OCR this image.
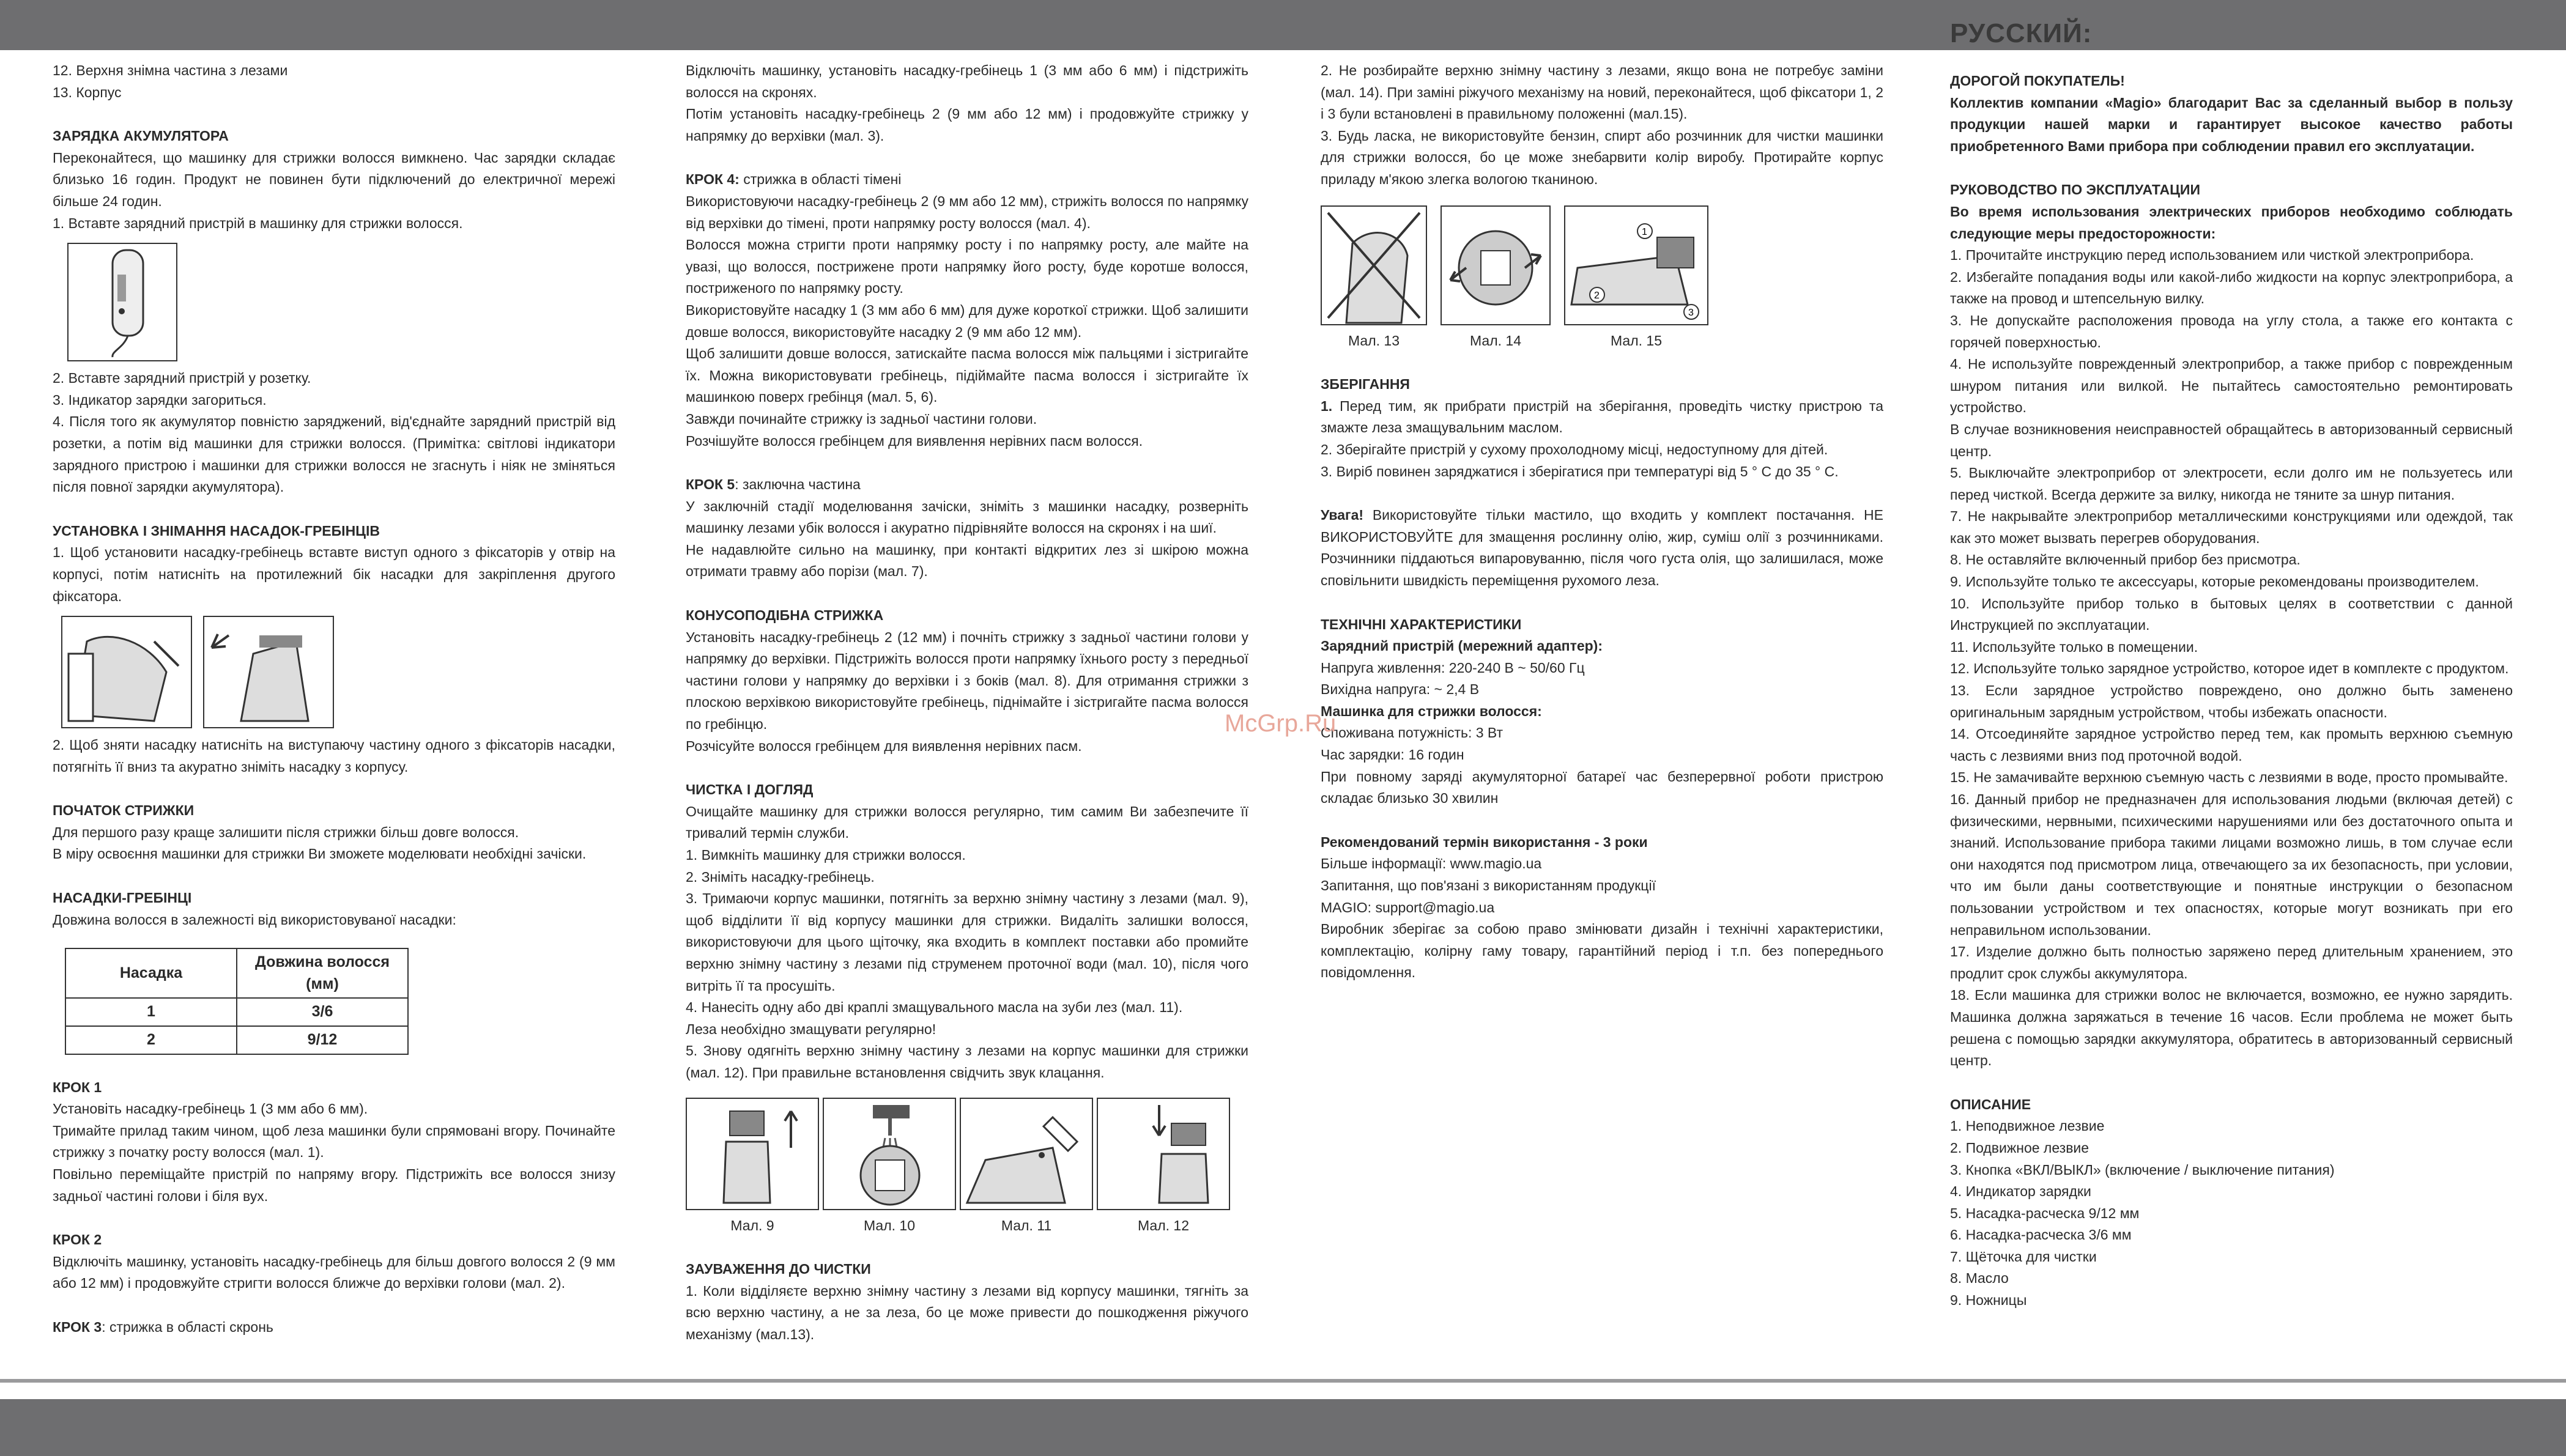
РУССКИЙ:

12. Верхня знімна частина з лезами

13. Корпус

ЗАРЯДКА АКУМУЛЯТОРА

Переконайтеся, що машинку для стрижки волосся вимкнено. Час зарядки складає близько 16 годин. Продукт не повинен бути підключений до електричної мережі більше 24 годин.

1. Вставте зарядний пристрій в машинку для стрижки волосся.

2. Вставте зарядний пристрій у розетку.

3. Індикатор зарядки загориться.

4. Після того як акумулятор повністю заряджений, від'єднайте зарядний пристрій від розетки, а потім від машинки для стрижки волосся. (Примітка: світлові індикатори зарядного пристрою і машинки для стрижки волосся не згаснуть і ніяк не зміняться після повної зарядки акумулятора).

УСТАНОВКА І ЗНІМАННЯ НАСАДОК-ГРЕБІНЦІВ

1. Щоб установити насадку-гребінець вставте виступ одного з фіксаторів у отвір на корпусі, потім натисніть на протилежний бік насадки для закріплення другого фіксатора.

2. Щоб зняти насадку натисніть на виступаючу частину одного з фіксаторів насадки, потягніть її вниз та акуратно зніміть насадку з корпусу.

ПОЧАТОК СТРИЖКИ

Для першого разу краще залишити після стрижки більш довге волосся.

В міру освоєння машинки для стрижки Ви зможете моделювати необхідні зачіски.

НАСАДКИ-ГРЕБІНЦІ

Довжина волосся в залежності від використовуваної насадки:

Насадка	Довжина волосся (мм)
1	3/6
2	9/12

КРОК 1

Установіть насадку-гребінець 1 (3 мм або 6 мм).

Тримайте прилад таким чином, щоб леза машинки були спрямовані вгору. Починайте стрижку з початку росту волосся (мал. 1).

Повільно переміщайте пристрій по напряму вгору. Підстрижіть все волосся знизу задньої частині голови і біля вух.

КРОК 2

Відключіть машинку, установіть насадку-гребінець для більш довгого волосся 2 (9 мм або 12 мм) і продовжуйте стригти волосся ближче до верхівки голови (мал. 2).

КРОК 3: стрижка в області скронь

Відключіть машинку, установіть насадку-гребінець 1 (3 мм або 6 мм) і підстрижіть волосся на скронях.

Потім установіть насадку-гребінець 2 (9 мм або 12 мм) і продовжуйте стрижку у напрямку до верхівки (мал. 3).

КРОК 4: стрижка в області тімені

Використовуючи насадку-гребінець 2 (9 мм або 12 мм), стрижіть волосся по напрямку від верхівки до тімені, проти напрямку росту волосся (мал. 4).

Волосся можна стригти проти напрямку росту і по напрямку росту, але майте на увазі, що волосся, пострижене проти напрямку його росту, буде коротше волосся, постриженого по напрямку росту.

Використовуйте насадку 1 (3 мм або 6 мм) для дуже короткої стрижки. Щоб залишити довше волосся, використовуйте насадку 2 (9 мм або 12 мм).

Щоб залишити довше волосся, затискайте пасма волосся між пальцями і зістригайте їх. Можна використовувати гребінець, підіймайте пасма волосся і зістригайте їх машинкою поверх гребінця (мал. 5, 6).

Завжди починайте стрижку із задньої частини голови.

Розчішуйте волосся гребінцем для виявлення нерівних пасм волосся.

КРОК 5: заключна частина

У заключній стадії моделювання зачіски, зніміть з машинки насадку, розверніть машинку лезами убік волосся і акуратно підрівняйте волосся на скронях і на шиї.

Не надавлюйте сильно на машинку, при контакті відкритих лез зі шкірою можна отримати травму або порізи (мал. 7).

КОНУСОПОДІБНА СТРИЖКА

Установіть насадку-гребінець 2 (12 мм) і почніть стрижку з задньої частини голови у напрямку до верхівки. Підстрижіть волосся проти напрямку їхнього росту з передньої частини голови у напрямку до верхівки і з боків (мал. 8). Для отримання стрижки з плоскою верхівкою використовуйте гребінець, піднімайте і зістригайте пасма волосся по гребінцю.

Розчісуйте волосся гребінцем для виявлення нерівних пасм.

ЧИСТКА І ДОГЛЯД

Очищайте машинку для стрижки волосся регулярно, тим самим Ви забезпечите її тривалий термін служби.

1. Вимкніть машинку для стрижки волосся.

2. Зніміть насадку-гребінець.

3. Тримаючи корпус машинки, потягніть за верхню знімну частину з лезами (мал. 9), щоб відділити її від корпусу машинки для стрижки. Видаліть залишки волосся, використовуючи для цього щіточку, яка входить в комплект поставки або промийте верхню знімну частину з лезами під струменем проточної води (мал. 10), після чого витріть її та просушіть.

4. Нанесіть одну або дві краплі змащувального масла на зуби лез (мал. 11).

Леза необхідно змащувати регулярно!

5. Знову одягніть верхню знімну частину з лезами на корпус машинки для стрижки (мал. 12). При правильне встановлення свідчить звук клацання.

Мал. 9	Мал. 10	Мал. 11	Мал. 12

ЗАУВАЖЕННЯ ДО ЧИСТКИ

1. Коли відділяєте верхню знімну частину з лезами від корпусу машинки, тягніть за всю верхню частину, а не за леза, бо це може привести до пошкодження ріжучого механізму (мал.13).

2. Не розбирайте верхню знімну частину з лезами, якщо вона не потребує заміни (мал. 14). При заміні ріжучого механізму на новий, переконайтеся, щоб фіксатори 1, 2 і 3 були встановлені в правильному положенні (мал.15).

3. Будь ласка, не використовуйте бензин, спирт або розчинник для чистки машинки для стрижки волосся, бо це може знебарвити колір виробу. Протирайте корпус приладу м'якою злегка вологою тканиною.

Мал. 13	Мал. 14
1
2
3
Мал. 15

ЗБЕРІГАННЯ

1. Перед тим, як прибрати пристрій на зберігання, проведіть чистку пристрою та змажте леза змащувальним маслом.

2. Зберігайте пристрій у сухому прохолодному місці, недоступному для дітей.

3. Виріб повинен заряджатися і зберігатися при температурі від 5 ° С до 35 ° С.

Увага! Використовуйте тільки мастило, що входить у комплект постачання. НЕ ВИКОРИСТОВУЙТЕ для змащення рослинну олію, жир, суміш олії з розчинниками. Розчинники піддаються випаровуванню, після чого густа олія, що залишилася, може сповільнити швидкість переміщення рухомого леза.

ТЕХНІЧНІ ХАРАКТЕРИСТИКИ

Зарядний пристрій (мережний адаптер):

Напруга живлення: 220-240 В ~ 50/60 Гц

Вихідна напруга: ~ 2,4 В

Машинка для стрижки волосся:

Споживана потужність: 3 Вт

Час зарядки: 16 годин

При повному заряді акумуляторної батареї час безперервної роботи пристрою складає близько 30 хвилин

Рекомендований термін використання - 3 роки

Більше інформації: www.magio.ua

Запитання, що пов'язані з використанням продукції

MAGIO: support@magio.ua

Виробник зберігає за собою право змінювати дизайн і технічні характеристики, комплектацію, колірну гаму товару, гарантійний період і т.п. без попереднього повідомлення.

ДОРОГОЙ ПОКУПАТЕЛЬ!

Коллектив компании «Magio» благодарит Вас за сделанный выбор в пользу продукции нашей марки и гарантирует высокое качество работы приобретенного Вами прибора при соблюдении правил его эксплуатации.

РУКОВОДСТВО ПО ЭКСПЛУАТАЦИИ

Во время использования электрических приборов необходимо соблюдать следующие меры предосторожности:

1. Прочитайте инструкцию перед использованием или чисткой электроприбора.

2. Избегайте попадания воды или какой-либо жидкости на корпус электроприбора, а также на провод и штепсельную вилку.

3. Не допускайте расположения провода на углу стола, а также его контакта с горячей поверхностью.

4. Не используйте поврежденный электроприбор, а также прибор с поврежденным шнуром питания или вилкой. Не пытайтесь самостоятельно ремонтировать устройство.

В случае возникновения неисправностей обращайтесь в авторизованный сервисный центр.

5. Выключайте электроприбор от электросети, если долго им не пользуетесь или перед чисткой. Всегда держите за вилку, никогда не тяните за шнур питания.

7. Не накрывайте электроприбор металлическими конструкциями или одеждой, так как это может вызвать перегрев оборудования.

8. Не оставляйте включенный прибор без присмотра.

9. Используйте только те аксессуары, которые рекомендованы производителем.

10. Используйте прибор только в бытовых целях в соответствии с данной Инструкцией по эксплуатации.

11. Используйте только в помещении.

12. Используйте только зарядное устройство, которое идет в комплекте с продуктом.

13. Если зарядное устройство повреждено, оно должно быть заменено оригинальным зарядным устройством, чтобы избежать опасности.

14. Отсоединяйте зарядное устройство перед тем, как промыть верхнюю съемную часть с лезвиями вниз под проточной водой.

15. Не замачивайте верхнюю съемную часть с лезвиями в воде, просто промывайте.

16. Данный прибор не предназначен для использования людьми (включая детей) с физическими, нервными, психическими нарушениями или без достаточного опыта и знаний. Использование прибора такими лицами возможно лишь, в том случае если они находятся под присмотром лица, отвечающего за их безопасность, при условии, что им были даны соответствующие и понятные инструкции о безопасном пользовании устройством и тех опасностях, которые могут возникать при его неправильном использовании.

17. Изделие должно быть полностью заряжено перед длительным хранением, это продлит срок службы аккумулятора.

18. Если машинка для стрижки волос не включается, возможно, ее нужно зарядить. Машинка должна заряжаться в течение 16 часов. Если проблема не может быть решена с помощью зарядки аккумулятора, обратитесь в авторизованный сервисный центр.

ОПИСАНИЕ

1. Неподвижное лезвие

2. Подвижное лезвие

3. Кнопка «ВКЛ/ВЫКЛ» (включение / выключение питания)

4. Индикатор зарядки

5. Насадка-расческа 9/12 мм

6. Насадка-расческа 3/6 мм

7. Щёточка для чистки

8. Масло

9. Ножницы

McGrp.Ru
